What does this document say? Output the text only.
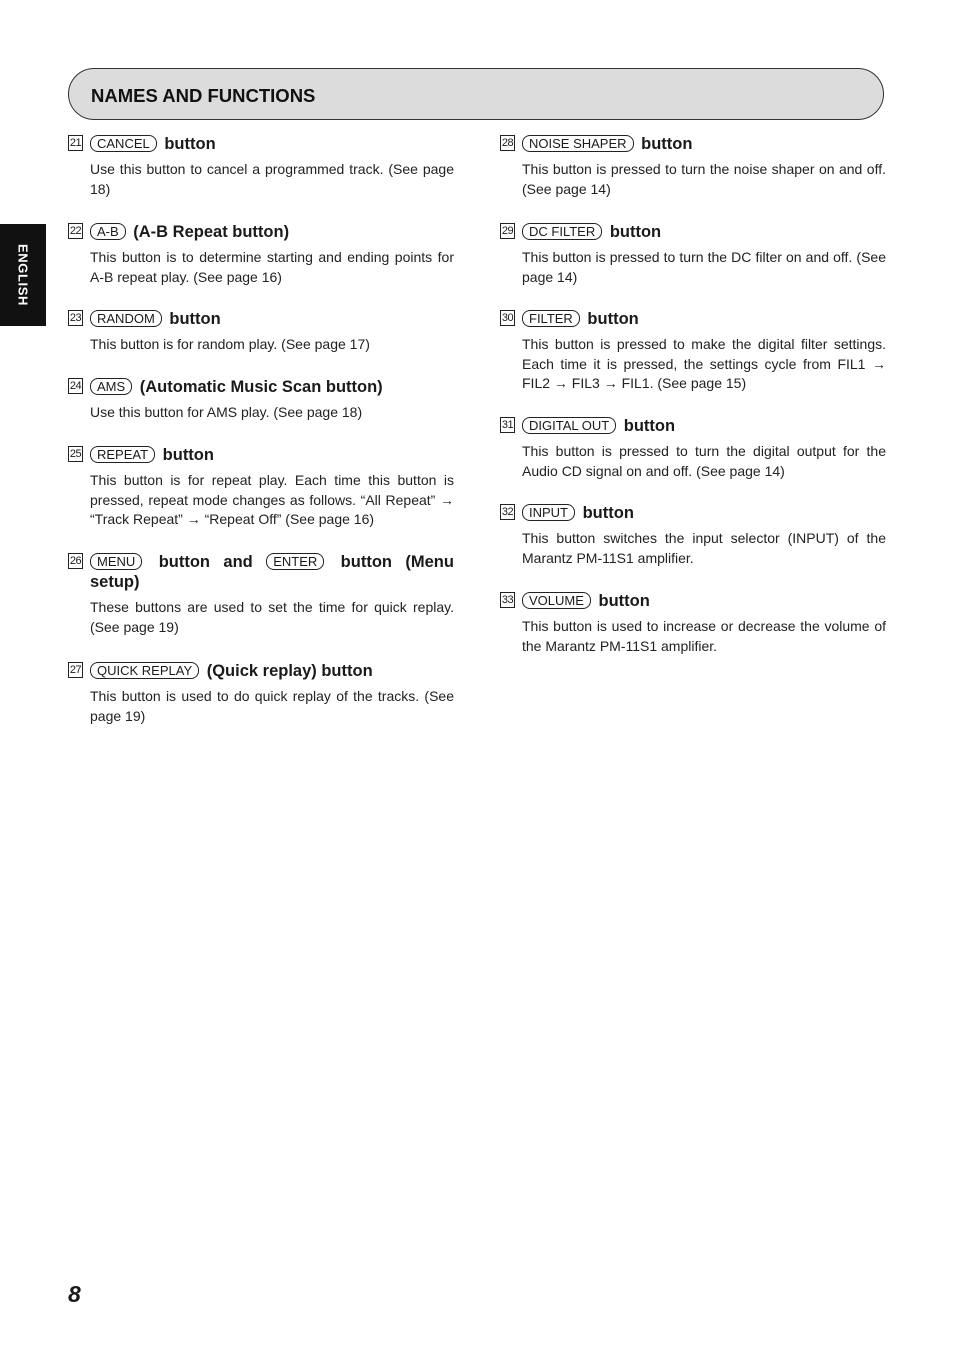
NAMES AND FUNCTIONS
ENGLISH
21 CANCEL button
Use this button to cancel a programmed track. (See page 18)
22 A-B (A-B Repeat button)
This button is to determine starting and ending points for A-B repeat play. (See page 16)
23 RANDOM button
This button is for random play. (See page 17)
24 AMS (Automatic Music Scan button)
Use this button for AMS play. (See page 18)
25 REPEAT button
This button is for repeat play. Each time this button is pressed, repeat mode changes as follows. “All Repeat” → “Track Repeat” → “Repeat Off” (See page 16)
26 MENU button and ENTER button (Menu setup)
These buttons are used to set the time for quick replay. (See page 19)
27 QUICK REPLAY (Quick replay) button
This button is used to do quick replay of the tracks. (See page 19)
28 NOISE SHAPER button
This button is pressed to turn the noise shaper on and off. (See page 14)
29 DC FILTER button
This button is pressed to turn the DC filter on and off. (See page 14)
30 FILTER button
This button is pressed to make the digital filter settings. Each time it is pressed, the settings cycle from FIL1 → FIL2 → FIL3 → FIL1. (See page 15)
31 DIGITAL OUT button
This button is pressed to turn the digital output for the Audio CD signal on and off. (See page 14)
32 INPUT button
This button switches the input selector (INPUT) of the Marantz PM-11S1 amplifier.
33 VOLUME button
This button is used to increase or decrease the volume of the Marantz PM-11S1 amplifier.
8
